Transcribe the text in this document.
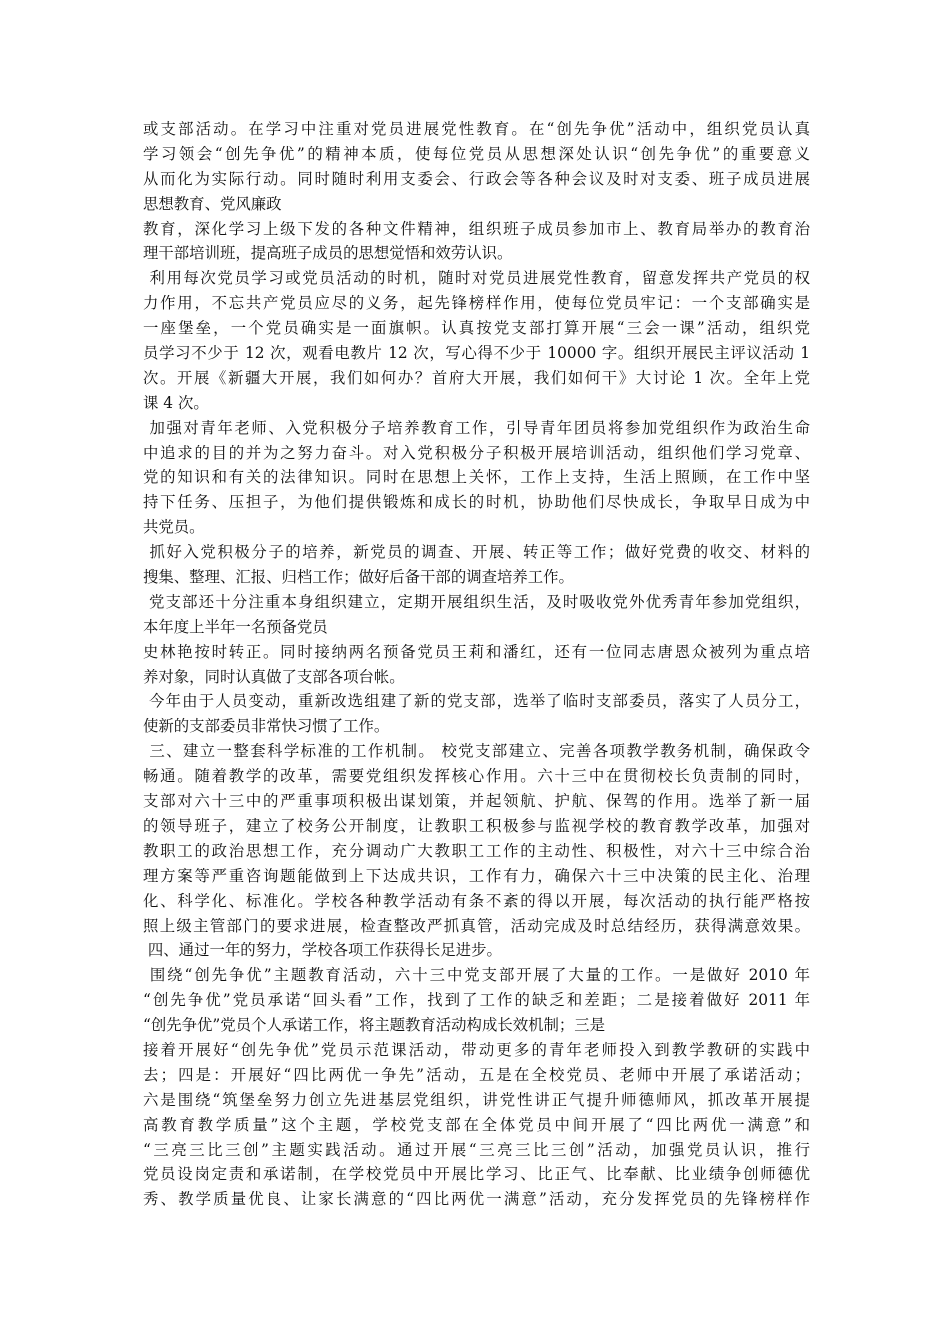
或支部活动。在学习中注重对党员进展党性教育。在“创先争优”活动中，组织党员认真
学习领会“创先争优”的精神本质，使每位党员从思想深处认识“创先争优”的重要意义
从而化为实际行动。同时随时利用支委会、行政会等各种会议及时对支委、班子成员进展
思想教育、党风廉政
教育，深化学习上级下发的各种文件精神，组织班子成员参加市上、教育局举办的教育治
理干部培训班，提高班子成员的思想觉悟和效劳认识。
利用每次党员学习或党员活动的时机，随时对党员进展党性教育，留意发挥共产党员的权
力作用，不忘共产党员应尽的义务，起先锋榜样作用，使每位党员牢记：一个支部确实是
一座堡垒，一个党员确实是一面旗帜。认真按党支部打算开展“三会一课”活动，组织党
员学习不少于 12 次，观看电教片 12 次，写心得不少于 10000 字。组织开展民主评议活动 1
次。开展《新疆大开展，我们如何办？首府大开展，我们如何干》大讨论 1 次。全年上党
课 4 次。
加强对青年老师、入党积极分子培养教育工作，引导青年团员将参加党组织作为政治生命
中追求的目的并为之努力奋斗。对入党积极分子积极开展培训活动，组织他们学习党章、
党的知识和有关的法律知识。同时在思想上关怀，工作上支持，生活上照顾，在工作中坚
持下任务、压担子，为他们提供锻炼和成长的时机，协助他们尽快成长，争取早日成为中
共党员。
抓好入党积极分子的培养，新党员的调查、开展、转正等工作；做好党费的收交、材料的
搜集、整理、汇报、归档工作；做好后备干部的调查培养工作。
党支部还十分注重本身组织建立，定期开展组织生活，及时吸收党外优秀青年参加党组织，
本年度上半年一名预备党员
史林艳按时转正。同时接纳两名预备党员王莉和潘红，还有一位同志唐恩众被列为重点培
养对象，同时认真做了支部各项台帐。
今年由于人员变动，重新改选组建了新的党支部，选举了临时支部委员，落实了人员分工，
使新的支部委员非常快习惯了工作。
三、建立一整套科学标准的工作机制。 校党支部建立、完善各项教学教务机制，确保政令
畅通。随着教学的改革，需要党组织发挥核心作用。六十三中在贯彻校长负责制的同时，
支部对六十三中的严重事项积极出谋划策，并起领航、护航、保驾的作用。选举了新一届
的领导班子，建立了校务公开制度，让教职工积极参与监视学校的教育教学改革，加强对
教职工的政治思想工作，充分调动广大教职工工作的主动性、积极性，对六十三中综合治
理方案等严重咨询题能做到上下达成共识，工作有力，确保六十三中决策的民主化、治理
化、科学化、标准化。学校各种教学活动有条不紊的得以开展，每次活动的执行能严格按
照上级主管部门的要求进展，检查整改严抓真管，活动完成及时总结经历，获得满意效果。
四、通过一年的努力，学校各项工作获得长足进步。
围绕“创先争优”主题教育活动，六十三中党支部开展了大量的工作。一是做好 2010 年
“创先争优”党员承诺“回头看”工作，找到了工作的缺乏和差距；二是接着做好 2011 年
“创先争优”党员个人承诺工作，将主题教育活动构成长效机制；三是
接着开展好“创先争优”党员示范课活动，带动更多的青年老师投入到教学教研的实践中
去；四是：开展好“四比两优一争先”活动，五是在全校党员、老师中开展了承诺活动；
六是围绕“筑堡垒努力创立先进基层党组织，讲党性讲正气提升师德师风，抓改革开展提
高教育教学质量”这个主题，学校党支部在全体党员中间开展了“四比两优一满意”和
“三亮三比三创”主题实践活动。通过开展“三亮三比三创”活动，加强党员认识，推行
党员设岗定责和承诺制，在学校党员中开展比学习、比正气、比奉献、比业绩争创师德优
秀、教学质量优良、让家长满意的“四比两优一满意”活动，充分发挥党员的先锋榜样作
